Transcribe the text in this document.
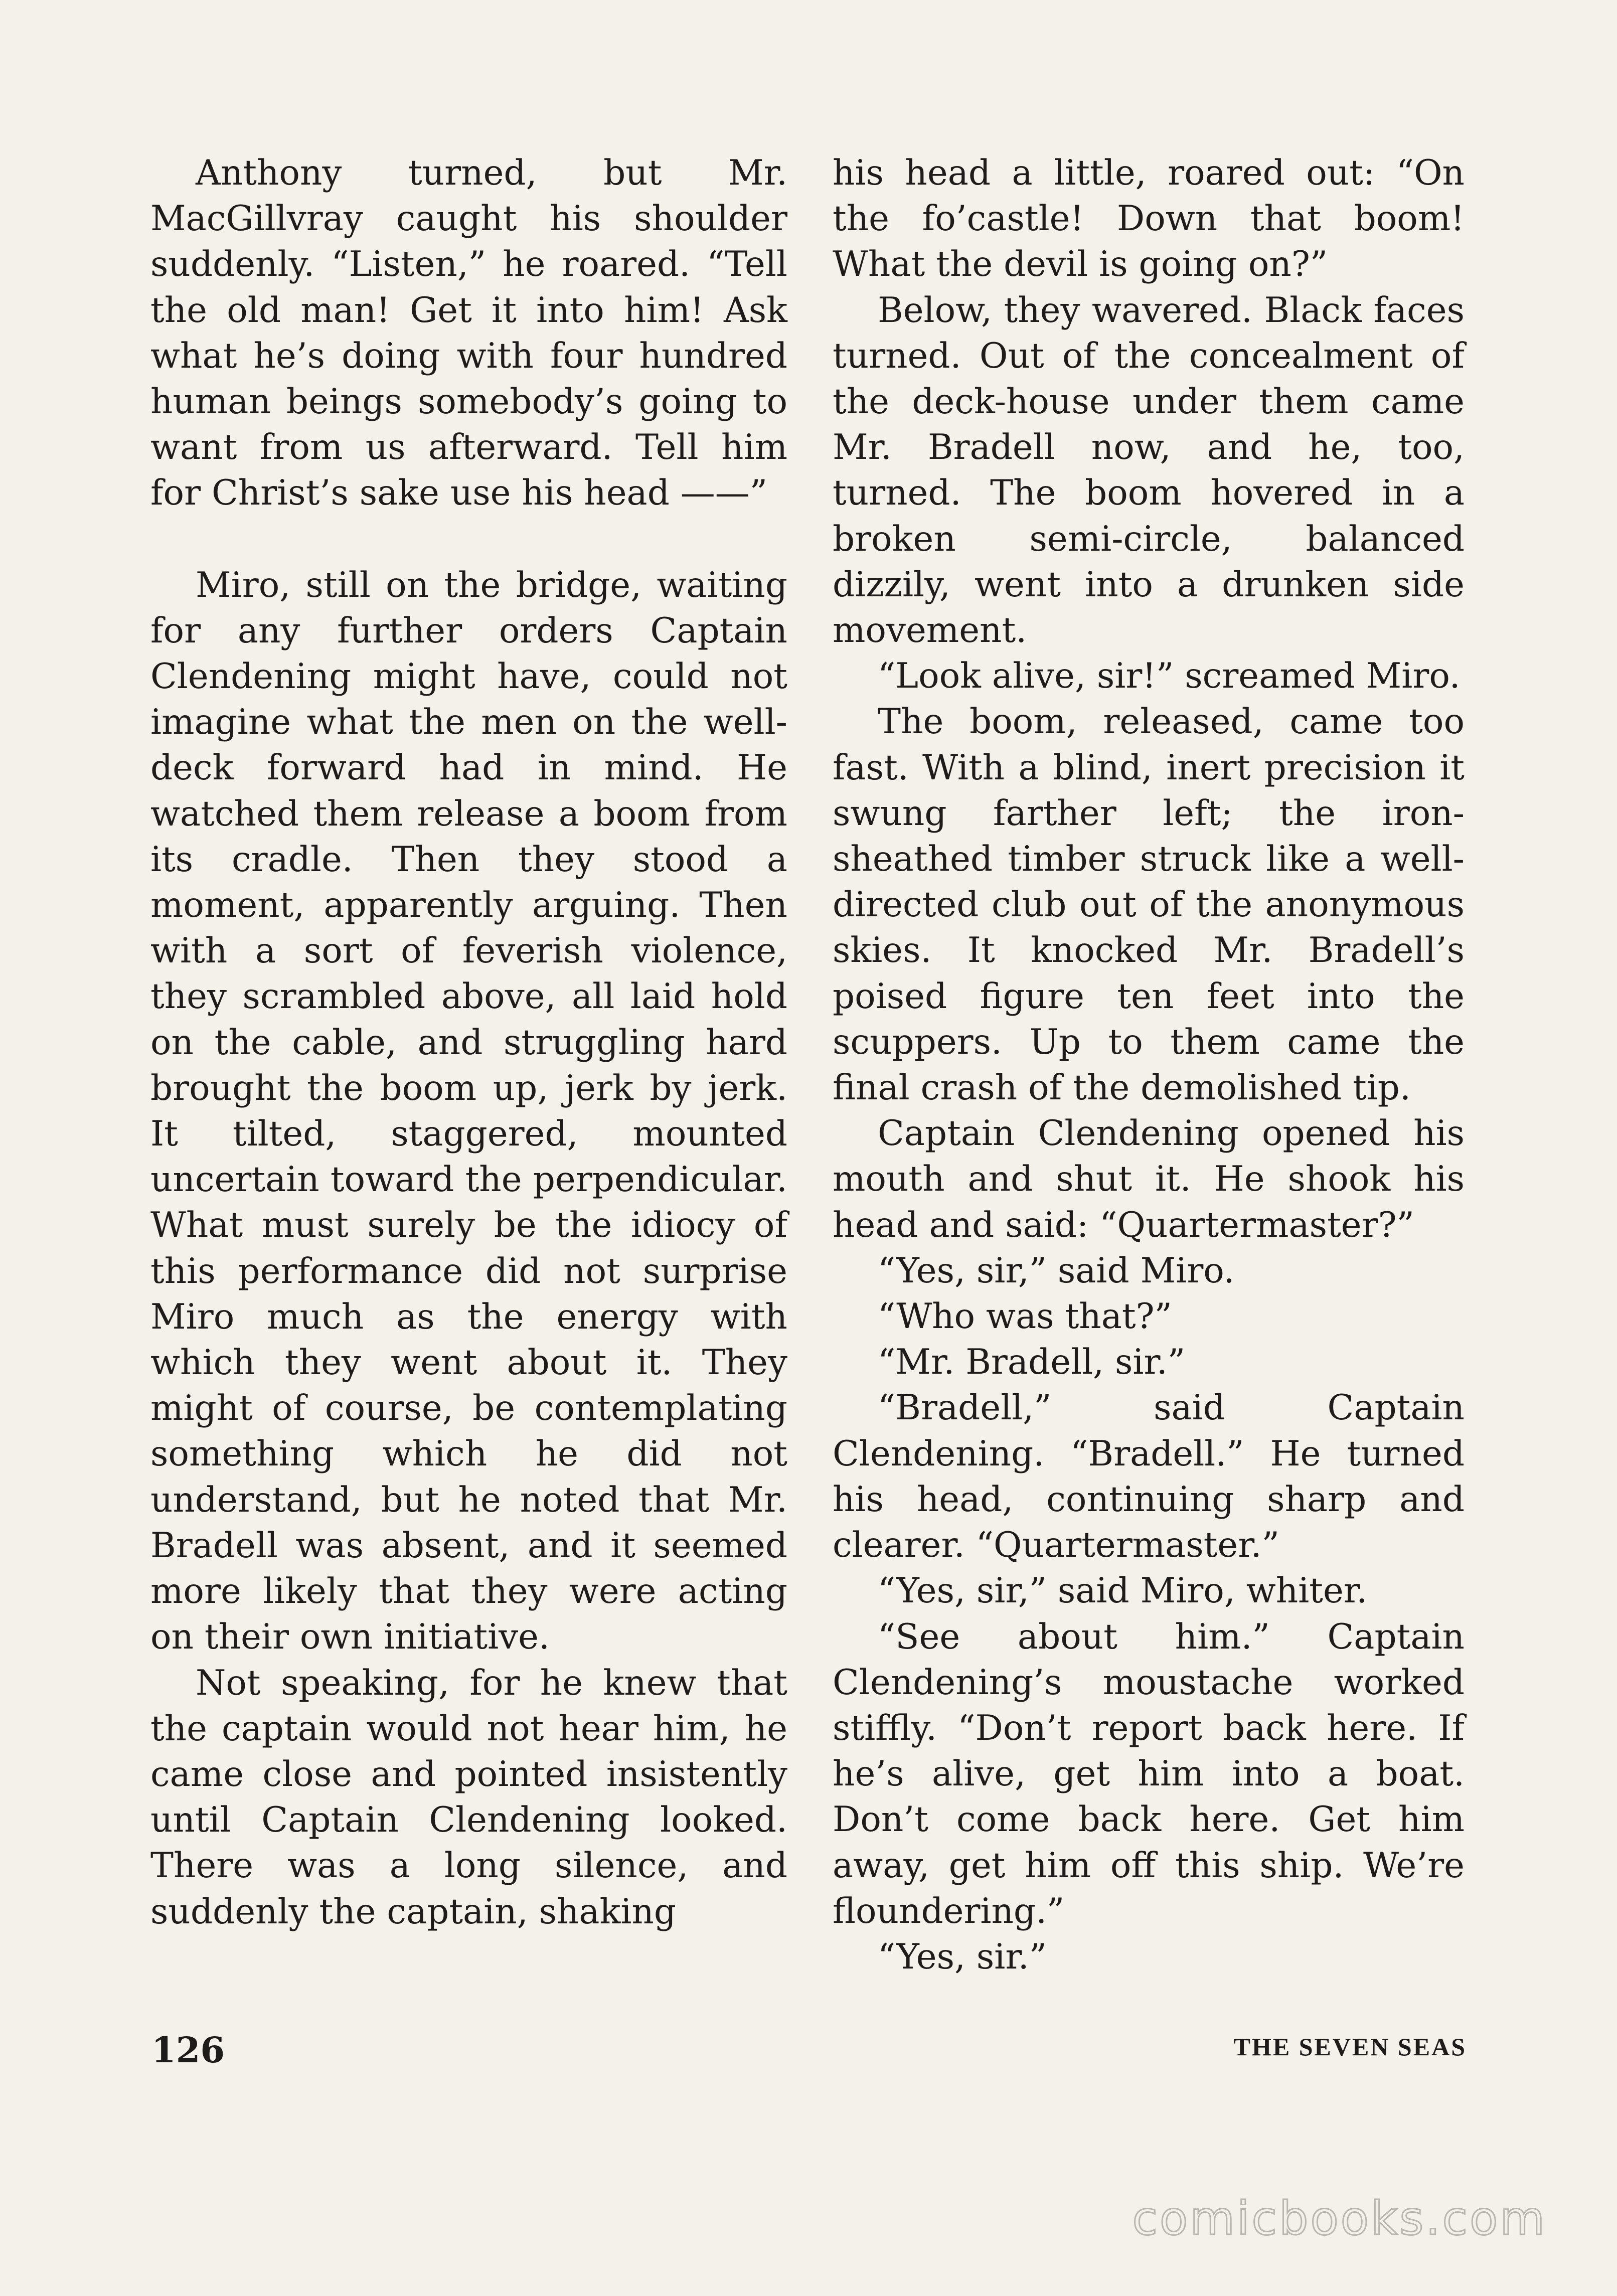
Anthony turned, but Mr. MacGillvray caught his shoulder suddenly. “Listen,” he roared. “Tell the old man! Get it into him! Ask what he’s doing with four hundred human beings somebody’s going to want from us afterward. Tell him for Christ’s sake use his head ——”

Miro, still on the bridge, waiting for any further orders Captain Clendening might have, could not imagine what the men on the well-deck forward had in mind. He watched them release a boom from its cradle. Then they stood a moment, apparently arguing. Then with a sort of feverish violence, they scrambled above, all laid hold on the cable, and struggling hard brought the boom up, jerk by jerk. It tilted, staggered, mounted uncertain toward the perpendicular. What must surely be the idiocy of this performance did not surprise Miro much as the energy with which they went about it. They might of course, be contemplating something which he did not understand, but he noted that Mr. Bradell was absent, and it seemed more likely that they were acting on their own initiative.

Not speaking, for he knew that the captain would not hear him, he came close and pointed insistently until Captain Clendening looked. There was a long silence, and suddenly the captain, shaking

his head a little, roared out: “On the fo’castle! Down that boom! What the devil is going on?”

Below, they wavered. Black faces turned. Out of the concealment of the deck-house under them came Mr. Bradell now, and he, too, turned. The boom hovered in a broken semi-circle, balanced dizzily, went into a drunken side movement.

“Look alive, sir!” screamed Miro.

The boom, released, came too fast. With a blind, inert precision it swung farther left; the iron-sheathed timber struck like a well-directed club out of the anonymous skies. It knocked Mr. Bradell’s poised figure ten feet into the scuppers. Up to them came the final crash of the demolished tip.

Captain Clendening opened his mouth and shut it. He shook his head and said: “Quartermaster?”

“Yes, sir,” said Miro.

“Who was that?”

“Mr. Bradell, sir.”

“Bradell,” said Captain Clendening. “Bradell.” He turned his head, continuing sharp and clearer. “Quartermaster.”

“Yes, sir,” said Miro, whiter.

“See about him.” Captain Clendening’s moustache worked stiffly. “Don’t report back here. If he’s alive, get him into a boat. Don’t come back here. Get him away, get him off this ship. We’re floundering.”

“Yes, sir.”

126	THE SEVEN SEAS
comicbooks.com
